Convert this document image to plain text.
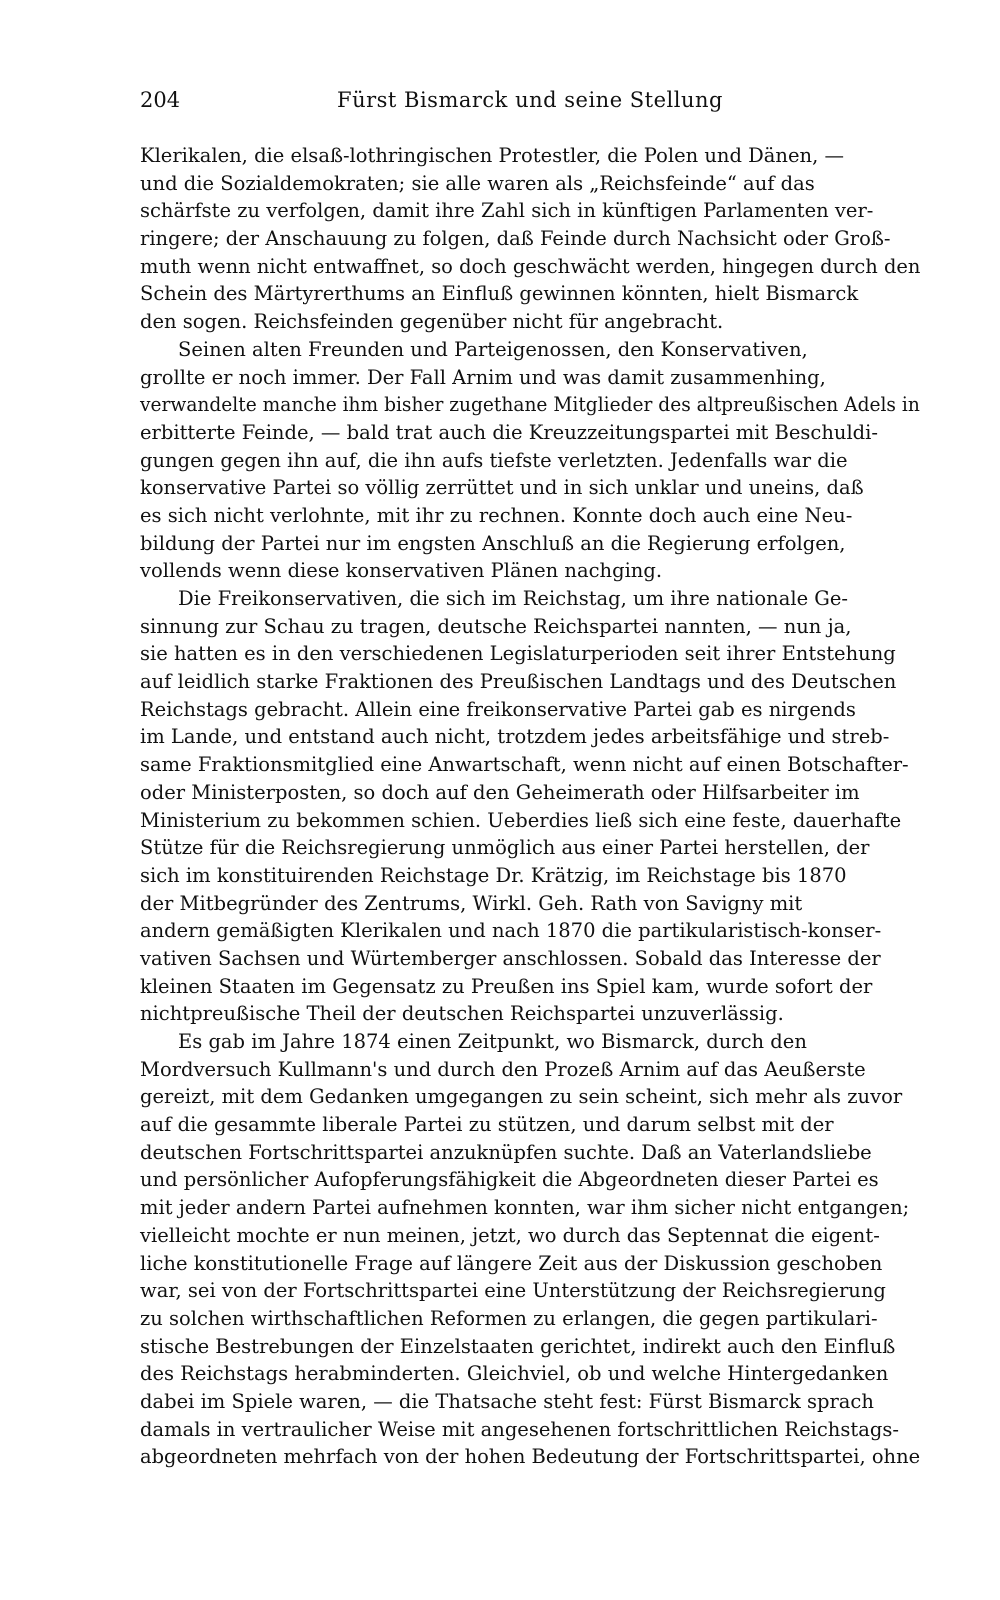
204	Fürst Bismarck und seine Stellung
Klerikalen, die elsaß-lothringischen Protestler, die Polen und Dänen, —
und die Sozialdemokraten; sie alle waren als „Reichsfeinde“ auf das
schärfste zu verfolgen, damit ihre Zahl sich in künftigen Parlamenten ver-
ringere; der Anschauung zu folgen, daß Feinde durch Nachsicht oder Groß-
muth wenn nicht entwaffnet, so doch geschwächt werden, hingegen durch den
Schein des Märtyrerthums an Einfluß gewinnen könnten, hielt Bismarck
den sogen. Reichsfeinden gegenüber nicht für angebracht.
Seinen alten Freunden und Parteigenossen, den Konservativen,
grollte er noch immer. Der Fall Arnim und was damit zusammenhing,
verwandelte manche ihm bisher zugethane Mitglieder des altpreußischen Adels in
erbitterte Feinde, — bald trat auch die Kreuzzeitungspartei mit Beschuldi-
gungen gegen ihn auf, die ihn aufs tiefste verletzten. Jedenfalls war die
konservative Partei so völlig zerrüttet und in sich unklar und uneins, daß
es sich nicht verlohnte, mit ihr zu rechnen. Konnte doch auch eine Neu-
bildung der Partei nur im engsten Anschluß an die Regierung erfolgen,
vollends wenn diese konservativen Plänen nachging.
Die Freikonservativen, die sich im Reichstag, um ihre nationale Ge-
sinnung zur Schau zu tragen, deutsche Reichspartei nannten, — nun ja,
sie hatten es in den verschiedenen Legislaturperioden seit ihrer Entstehung
auf leidlich starke Fraktionen des Preußischen Landtags und des Deutschen
Reichstags gebracht. Allein eine freikonservative Partei gab es nirgends
im Lande, und entstand auch nicht, trotzdem jedes arbeitsfähige und streb-
same Fraktionsmitglied eine Anwartschaft, wenn nicht auf einen Botschafter-
oder Ministerposten, so doch auf den Geheimerath oder Hilfsarbeiter im
Ministerium zu bekommen schien. Ueberdies ließ sich eine feste, dauerhafte
Stütze für die Reichsregierung unmöglich aus einer Partei herstellen, der
sich im konstituirenden Reichstage Dr. Krätzig, im Reichstage bis 1870
der Mitbegründer des Zentrums, Wirkl. Geh. Rath von Savigny mit
andern gemäßigten Klerikalen und nach 1870 die partikularistisch-konser-
vativen Sachsen und Würtemberger anschlossen. Sobald das Interesse der
kleinen Staaten im Gegensatz zu Preußen ins Spiel kam, wurde sofort der
nichtpreußische Theil der deutschen Reichspartei unzuverlässig.
Es gab im Jahre 1874 einen Zeitpunkt, wo Bismarck, durch den
Mordversuch Kullmann's und durch den Prozeß Arnim auf das Aeußerste
gereizt, mit dem Gedanken umgegangen zu sein scheint, sich mehr als zuvor
auf die gesammte liberale Partei zu stützen, und darum selbst mit der
deutschen Fortschrittspartei anzuknüpfen suchte. Daß an Vaterlandsliebe
und persönlicher Aufopferungsfähigkeit die Abgeordneten dieser Partei es
mit jeder andern Partei aufnehmen konnten, war ihm sicher nicht entgangen;
vielleicht mochte er nun meinen, jetzt, wo durch das Septennat die eigent-
liche konstitutionelle Frage auf längere Zeit aus der Diskussion geschoben
war, sei von der Fortschrittspartei eine Unterstützung der Reichsregierung
zu solchen wirthschaftlichen Reformen zu erlangen, die gegen partikulari-
stische Bestrebungen der Einzelstaaten gerichtet, indirekt auch den Einfluß
des Reichstags herabminderten. Gleichviel, ob und welche Hintergedanken
dabei im Spiele waren, — die Thatsache steht fest: Fürst Bismarck sprach
damals in vertraulicher Weise mit angesehenen fortschrittlichen Reichstags-
abgeordneten mehrfach von der hohen Bedeutung der Fortschrittspartei, ohne
